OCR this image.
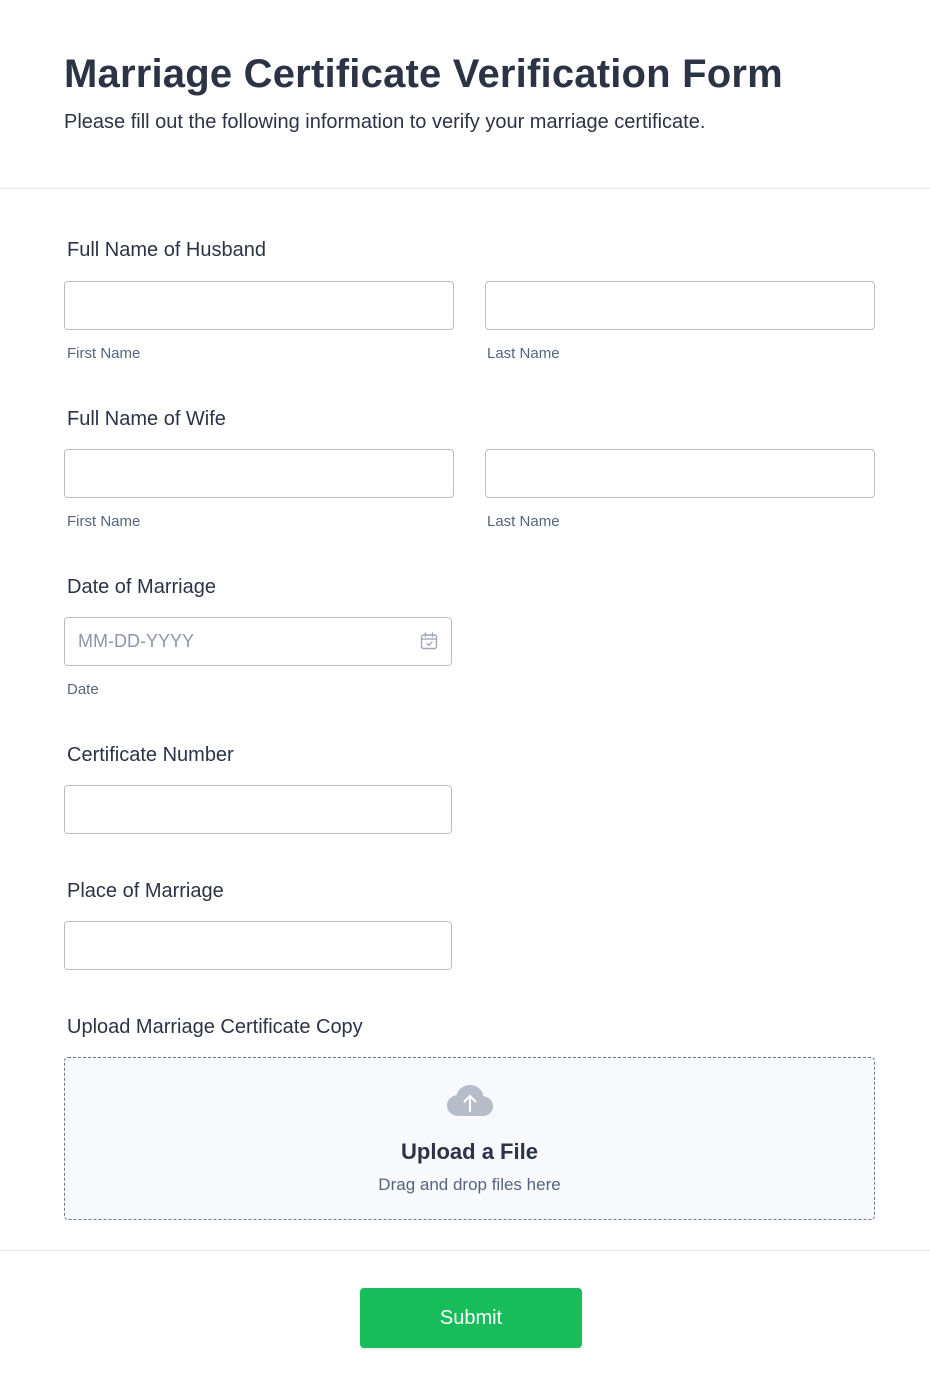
Marriage Certificate Verification Form

Please fill out the following information to verify your marriage certificate.

Full Name of Husband
First Name	Last Name
Full Name of Wife
First Name	Last Name
Date of Marriage
MM-DD-YYYY
Date
Certificate Number
Place of Marriage
Upload Marriage Certificate Copy
Upload a File
Drag and drop files here
Submit
